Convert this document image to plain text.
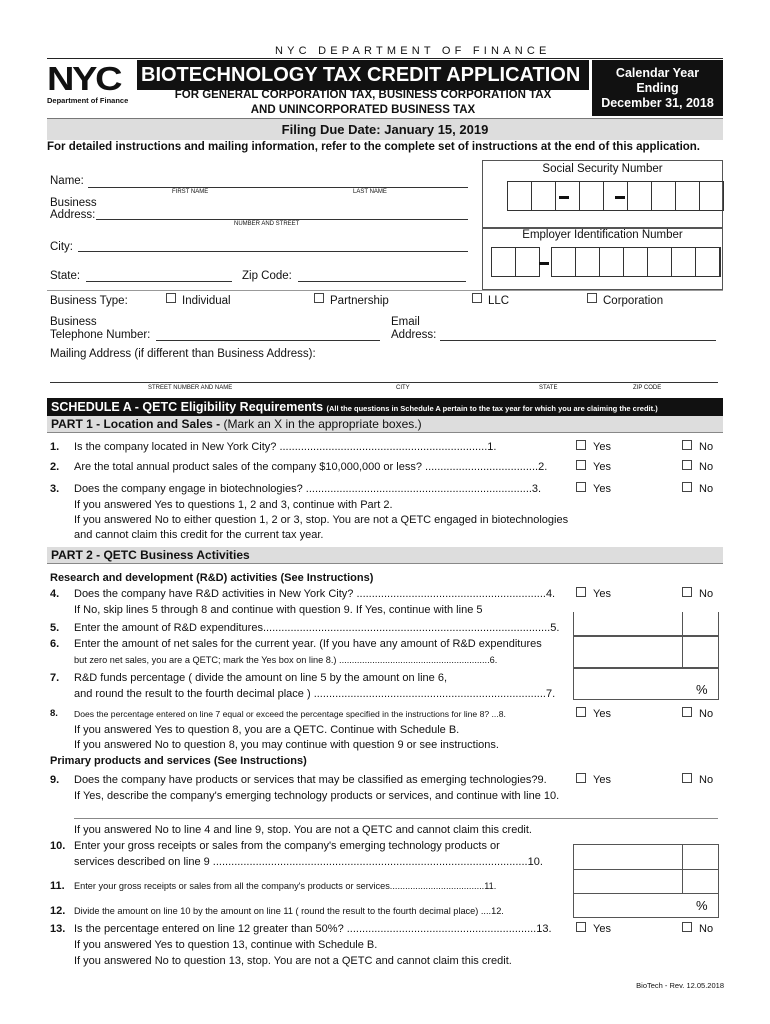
NYC DEPARTMENT OF FINANCE
NYC
Department of Finance
BIOTECHNOLOGY TAX CREDIT APPLICATION
FOR GENERAL CORPORATION TAX, BUSINESS CORPORATION TAX
AND UNINCORPORATED BUSINESS TAX
Calendar Year
Ending
December 31, 2018
Filing Due Date: January 15, 2019
For detailed instructions and mailing information, refer to the complete set of instructions at the end of this application.
Name:
FIRST NAME	LAST NAME
Business
Address:
NUMBER AND STREET
City:
State:	Zip Code:
Social Security Number
Employer Identification Number
Business Type:	Individual	Partnership	LLC	Corporation
Business
Telephone Number:
Email
Address:
Mailing Address (if different than Business Address):
STREET NUMBER AND NAME	CITY	STATE	ZIP CODE
SCHEDULE A - QETC Eligibility Requirements (All the questions in Schedule A pertain to the tax year for which you are claiming the credit.)
PART 1 - Location and Sales - (Mark an X in the appropriate boxes.)
1. Is the company located in New York City? ....................................................................1.	Yes	No
2. Are the total annual product sales of the company $10,000,000 or less? .....................................2.	Yes	No
3. Does the company engage in biotechnologies? ..........................................................................3.	Yes	No
If you answered Yes to questions 1, 2 and 3, continue with Part 2.
If you answered No to either question 1, 2 or 3, stop. You are not a QETC engaged in biotechnologies
and cannot claim this credit for the current tax year.
PART 2 - QETC Business Activities
Research and development (R&D) activities (See Instructions)
4. Does the company have R&D activities in New York City? ..............................................................4.	Yes	No
If No, skip lines 5 through 8 and continue with question 9. If Yes, continue with line 5
%
5. Enter the amount of R&D expenditures..............................................................................................5.
6. Enter the amount of net sales for the current year. (If you have any amount of R&D expenditures
but zero net sales, you are a QETC; mark the Yes box on line 8.) ...........................................................6.
7. R&D funds percentage ( divide the amount on line 5 by the amount on line 6,
and round the result to the fourth decimal place ) ............................................................................7.
8. Does the percentage entered on line 7 equal or exceed the percentage specified in the instructions for line 8? ...8.	Yes	No
If you answered Yes to question 8, you are a QETC. Continue with Schedule B.
If you answered No to question 8, you may continue with question 9 or see instructions.
Primary products and services (See Instructions)
9. Does the company have products or services that may be classified as emerging technologies?9.	Yes	No
If Yes, describe the company's emerging technology products or services, and continue with line 10.
If you answered No to line 4 and line 9, stop. You are not a QETC and cannot claim this credit.
10. Enter your gross receipts or sales from the company's emerging technology products or
services described on line 9 .......................................................................................................10.
11. Enter your gross receipts or sales from all the company's products or services.....................................11.
12. Divide the amount on line 10 by the amount on line 11 ( round the result to the fourth decimal place) ....12.	%
13. Is the percentage entered on line 12 greater than 50%? ..............................................................13.	Yes	No
If you answered Yes to question 13, continue with Schedule B.
If you answered No to question 13, stop. You are not a QETC and cannot claim this credit.
BioTech - Rev. 12.05.2018
